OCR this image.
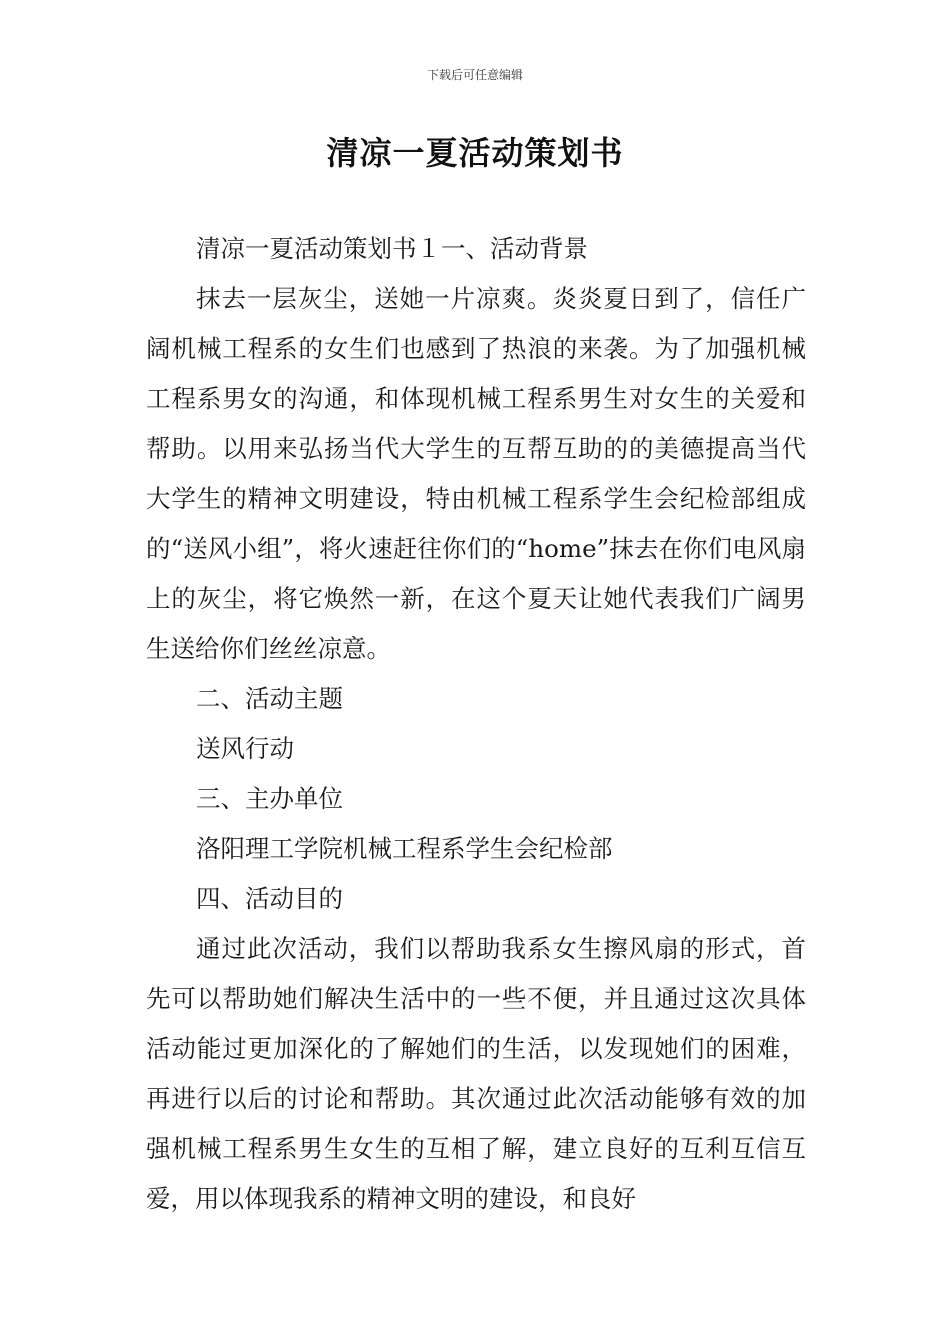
下载后可任意编辑
清凉一夏活动策划书

清凉一夏活动策划书１一、活动背景

抹去一层灰尘，送她一片凉爽。炎炎夏日到了，信任广阔机械工程系的女生们也感到了热浪的来袭。为了加强机械工程系男女的沟通，和体现机械工程系男生对女生的关爱和帮助。以用来弘扬当代大学生的互帮互助的的美德提高当代大学生的精神文明建设，特由机械工程系学生会纪检部组成的“送风小组”，将火速赶往你们的“home”抹去在你们电风扇上的灰尘，将它焕然一新，在这个夏天让她代表我们广阔男生送给你们丝丝凉意。

二、活动主题

送风行动

三、主办单位

洛阳理工学院机械工程系学生会纪检部

四、活动目的

通过此次活动，我们以帮助我系女生擦风扇的形式，首先可以帮助她们解决生活中的一些不便，并且通过这次具体活动能过更加深化的了解她们的生活，以发现她们的困难，再进行以后的讨论和帮助。其次通过此次活动能够有效的加强机械工程系男生女生的互相了解，建立良好的互利互信互爱，用以体现我系的精神文明的建设，和良好
